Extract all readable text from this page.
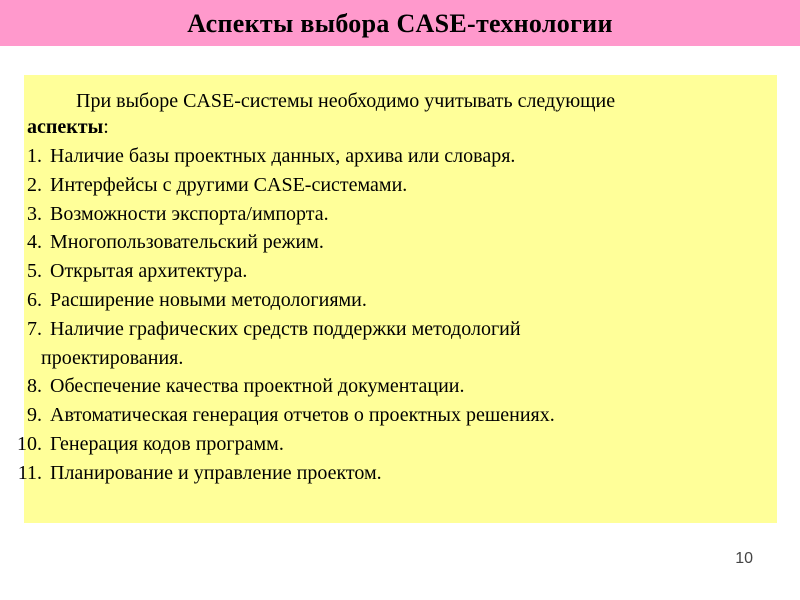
Аспекты выбора CASE-технологии
При выборе CASE-системы необходимо учитывать следующие
аспекты:
1. Наличие базы проектных данных, архива или словаря.
2. Интерфейсы с другими CASE-системами.
3. Возможности экспорта/импорта.
4. Многопользовательский режим.
5. Открытая архитектура.
6. Расширение новыми методологиями.
7. Наличие графических средств поддержки методологий
проектирования.
8. Обеспечение качества проектной документации.
9. Автоматическая генерация отчетов о проектных решениях.
10. Генерация кодов программ.
11. Планирование и управление проектом.
10
